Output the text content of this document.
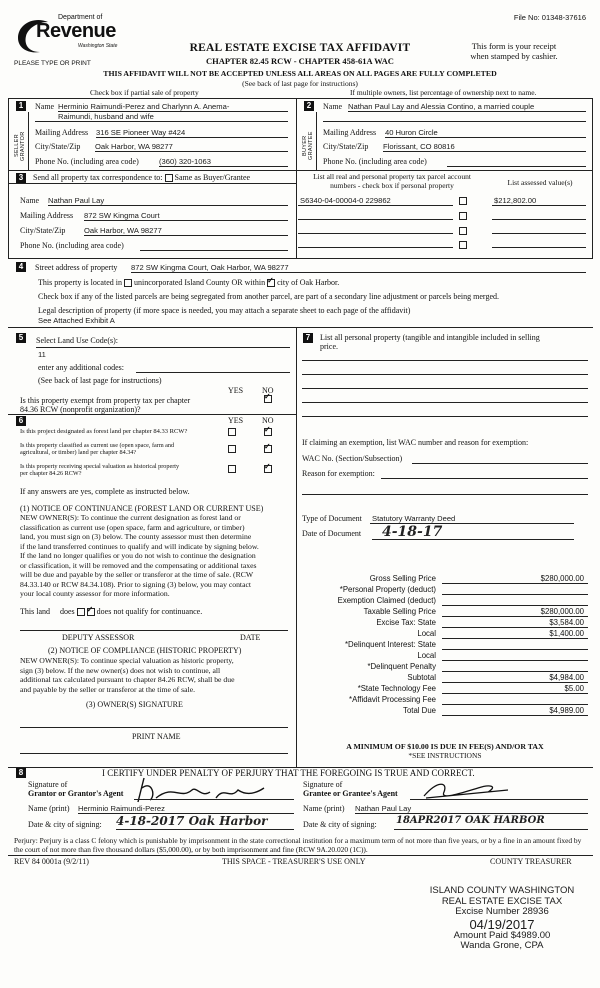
File No: 01348-37616
Department of
Revenue
Washington State
PLEASE TYPE OR PRINT
REAL ESTATE EXCISE TAX AFFIDAVIT
CHAPTER 82.45 RCW - CHAPTER 458-61A WAC
This form is your receipt
when stamped by cashier.
THIS AFFIDAVIT WILL NOT BE ACCEPTED UNLESS ALL AREAS ON ALL PAGES ARE FULLY COMPLETED
(See back of last page for instructions)
Check box if partial sale of property	If multiple owners, list percentage of ownership next to name.
1
SELLER GRANTOR
Name Herminio Raimundi-Perez and Charlynn A. Anema-
Raimundi, husband and wife
Mailing Address 316 SE Pioneer Way #424
City/State/Zip Oak Harbor, WA 98277
Phone No. (including area code)	(360) 320-1063
2
BUYER GRANTEE
Name Nathan Paul Lay and Alessia Contino, a married couple
Mailing Address 40 Huron Circle
City/State/Zip Florissant, CO 80816
Phone No. (including area code)
3	Send all property tax correspondence to: Same as Buyer/Grantee	List all real and personal property tax parcel account
numbers - check box if personal property	List assessed value(s)
Name Nathan Paul Lay
Mailing Address 872 SW Kingma Court
City/State/Zip Oak Harbor, WA 98277
Phone No. (including area code)
S6340-04-00004-0 229862	$212,802.00
4	Street address of property 872 SW Kingma Court, Oak Harbor, WA 98277
This property is located in unincorporated Island County OR within ✓ city of Oak Harbor.
Check box if any of the listed parcels are being segregated from another parcel, are part of a secondary line adjustment or parcels being merged.
Legal description of property (if more space is needed, you may attach a separate sheet to each page of the affidavit)
See Attached Exhibit A
5	Select Land Use Code(s):
11
enter any additional codes:
(See back of last page for instructions)
YES NO
Is this property exempt from property tax per chapter
84.36 RCW (nonprofit organization)?
✓
6	YES NO
Is this project designated as forest land per chapter 84.33 RCW?
✓
Is this property classified as current use (open space, farm and
agricultural, or timber) land per chapter 84.34?
✓
Is this property receiving special valuation as historical property
per chapter 84.26 RCW?
✓
If any answers are yes, complete as instructed below.
(1) NOTICE OF CONTINUANCE (FOREST LAND OR CURRENT USE)
NEW OWNER(S): To continue the current designation as forest land or
classification as current use (open space, farm and agriculture, or timber)
land, you must sign on (3) below. The county assessor must then determine
if the land transferred continues to qualify and will indicate by signing below.
If the land no longer qualifies or you do not wish to continue the designation
or classification, it will be removed and the compensating or additional taxes
will be due and payable by the seller or transferor at the time of sale. (RCW
84.33.140 or RCW 84.34.108). Prior to signing (3) below, you may contact
your local county assessor for more information.
This land does ✓	does not qualify for continuance.
DEPUTY ASSESSOR	DATE
(2) NOTICE OF COMPLIANCE (HISTORIC PROPERTY)
NEW OWNER(S): To continue special valuation as historic property,
sign (3) below. If the new owner(s) does not wish to continue, all
additional tax calculated pursuant to chapter 84.26 RCW, shall be due
and payable by the seller or transferor at the time of sale.
(3) OWNER(S) SIGNATURE
PRINT NAME
7	List all personal property (tangible and intangible included in selling
price.
If claiming an exemption, list WAC number and reason for exemption:
WAC No. (Section/Subsection)
Reason for exemption:
Type of Document Statutory Warranty Deed
Date of Document 4-18-17
Gross Selling Price	$280,000.00
*Personal Property (deduct)
Exemption Claimed (deduct)
Taxable Selling Price	$280,000.00
Excise Tax: State	$3,584.00
Local	$1,400.00
*Delinquent Interest: State
Local
*Delinquent Penalty
Subtotal	$4,984.00
*State Technology Fee	$5.00
*Affidavit Processing Fee
Total Due	$4,989.00
A MINIMUM OF $10.00 IS DUE IN FEE(S) AND/OR TAX
*SEE INSTRUCTIONS
8	I CERTIFY UNDER PENALTY OF PERJURY THAT THE FOREGOING IS TRUE AND CORRECT.
Signature of
Grantor or Grantor's Agent
Name (print) Herminio Raimundi-Perez
Date & city of signing: 4-18-2017 Oak Harbor
Signature of
Grantee or Grantee's Agent
Name (print) Nathan Paul Lay
Date & city of signing: 18APR2017 OAK HARBOR
Perjury: Perjury is a class C felony which is punishable by imprisonment in the state correctional institution for a maximum term of not more than five years, or by a fine in an amount fixed by the court of not more than five thousand dollars ($5,000.00), or by both imprisonment and fine (RCW 9A.20.020 (1C)).
REV 84 0001a (9/2/11)	THIS SPACE - TREASURER'S USE ONLY	COUNTY TREASURER
ISLAND COUNTY WASHINGTON
REAL ESTATE EXCISE TAX
Excise Number 28936
04/19/2017
Amount Paid $4989.00
Wanda Grone, CPA
